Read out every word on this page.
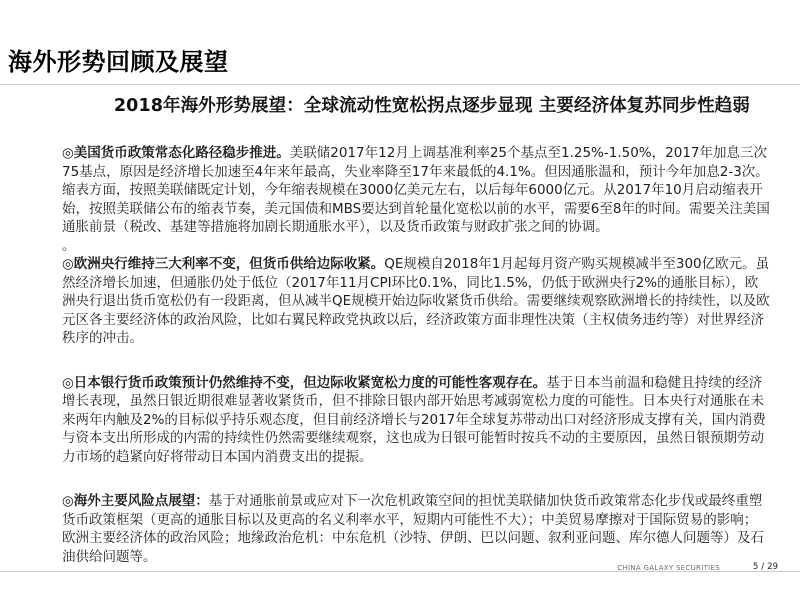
海外形势回顾及展望
2018年海外形势展望：全球流动性宽松拐点逐步显现 主要经济体复苏同步性趋弱

◎美国货币政策常态化路径稳步推进。美联储2017年12月上调基准利率25个基点至1.25%-1.50%，2017年加息三次75基点，原因是经济增长加速至4年来年最高，失业率降至17年来最低的4.1%。但因通胀温和，预计今年加息2-3次。缩表方面，按照美联储既定计划，今年缩表规模在3000亿美元左右，以后每年6000亿元。从2017年10月启动缩表开始，按照美联储公布的缩表节奏，美元国债和MBS要达到首轮量化宽松以前的水平，需要6至8年的时间。需要关注美国通胀前景（税改、基建等措施将加剧长期通胀水平），以及货币政策与财政扩张之间的协调。

。

◎欧洲央行维持三大利率不变，但货币供给边际收紧。QE规模自2018年1月起每月资产购买规模减半至300亿欧元。虽然经济增长加速，但通胀仍处于低位（2017年11月CPI环比0.1%，同比1.5%，仍低于欧洲央行2%的通胀目标），欧洲央行退出货币宽松仍有一段距离，但从减半QE规模开始边际收紧货币供给。需要继续观察欧洲增长的持续性，以及欧元区各主要经济体的政治风险，比如右翼民粹政党执政以后，经济政策方面非理性决策（主权债务违约等）对世界经济秩序的冲击。

◎日本银行货币政策预计仍然维持不变，但边际收紧宽松力度的可能性客观存在。基于日本当前温和稳健且持续的经济增长表现，虽然日银近期很难显著收紧货币，但不排除日银内部开始思考减弱宽松力度的可能性。日本央行对通胀在未来两年内触及2%的目标似乎持乐观态度，但目前经济增长与2017年全球复苏带动出口对经济形成支撑有关，国内消费与资本支出所形成的内需的持续性仍然需要继续观察，这也成为日银可能暂时按兵不动的主要原因，虽然日银预期劳动力市场的趋紧向好将带动日本国内消费支出的提振。

◎海外主要风险点展望：基于对通胀前景或应对下一次危机政策空间的担忧美联储加快货币政策常态化步伐或最终重塑货币政策框架（更高的通胀目标以及更高的名义利率水平，短期内可能性不大）；中美贸易摩擦对于国际贸易的影响；欧洲主要经济体的政治风险；地缘政治危机：中东危机（沙特、伊朗、巴以问题、叙利亚问题、库尔德人问题等）及石油供给问题等。

CHINA GALAXY SECURITIES	5 / 29
